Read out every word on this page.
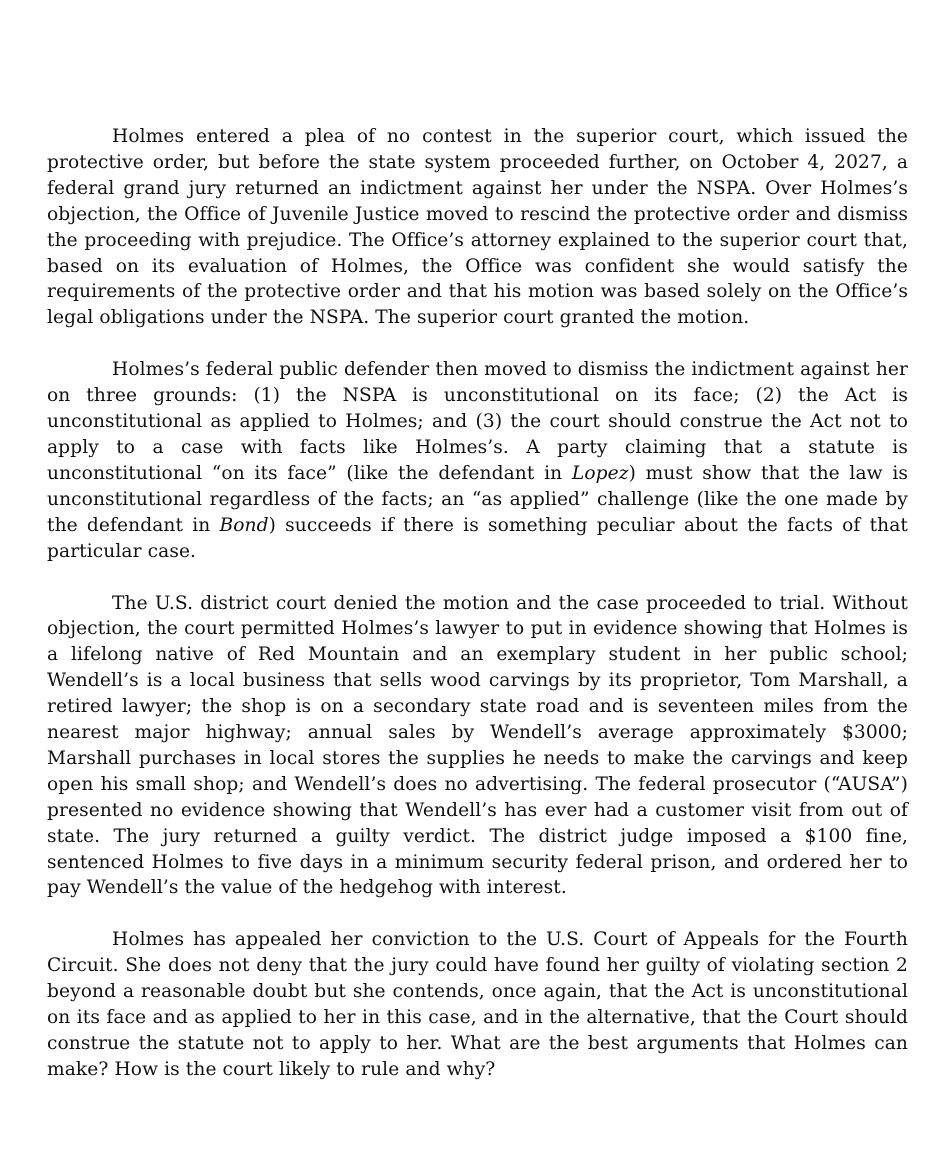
Holmes entered a plea of no contest in the superior court, which issued the protective order, but before the state system proceeded further, on October 4, 2027, a federal grand jury returned an indictment against her under the NSPA. Over Holmes’s objection, the Office of Juvenile Justice moved to rescind the protective order and dismiss the proceeding with prejudice. The Office’s attorney explained to the superior court that, based on its evaluation of Holmes, the Office was confident she would satisfy the requirements of the protective order and that his motion was based solely on the Office’s legal obligations under the NSPA. The superior court granted the motion.

Holmes’s federal public defender then moved to dismiss the indictment against her on three grounds: (1) the NSPA is unconstitutional on its face; (2) the Act is unconstitutional as applied to Holmes; and (3) the court should construe the Act not to apply to a case with facts like Holmes’s. A party claiming that a statute is unconstitutional “on its face” (like the defendant in Lopez) must show that the law is unconstitutional regardless of the facts; an “as applied” challenge (like the one made by the defendant in Bond) succeeds if there is something peculiar about the facts of that particular case.

The U.S. district court denied the motion and the case proceeded to trial. Without objection, the court permitted Holmes’s lawyer to put in evidence showing that Holmes is a lifelong native of Red Mountain and an exemplary student in her public school; Wendell’s is a local business that sells wood carvings by its proprietor, Tom Marshall, a retired lawyer; the shop is on a secondary state road and is seventeen miles from the nearest major highway; annual sales by Wendell’s average approximately $3000; Marshall purchases in local stores the supplies he needs to make the carvings and keep open his small shop; and Wendell’s does no advertising. The federal prosecutor (“AUSA”) presented no evidence showing that Wendell’s has ever had a customer visit from out of state. The jury returned a guilty verdict. The district judge imposed a $100 fine, sentenced Holmes to five days in a minimum security federal prison, and ordered her to pay Wendell’s the value of the hedgehog with interest.

Holmes has appealed her conviction to the U.S. Court of Appeals for the Fourth Circuit. She does not deny that the jury could have found her guilty of violating section 2 beyond a reasonable doubt but she contends, once again, that the Act is unconstitutional on its face and as applied to her in this case, and in the alternative, that the Court should construe the statute not to apply to her. What are the best arguments that Holmes can make? How is the court likely to rule and why?
